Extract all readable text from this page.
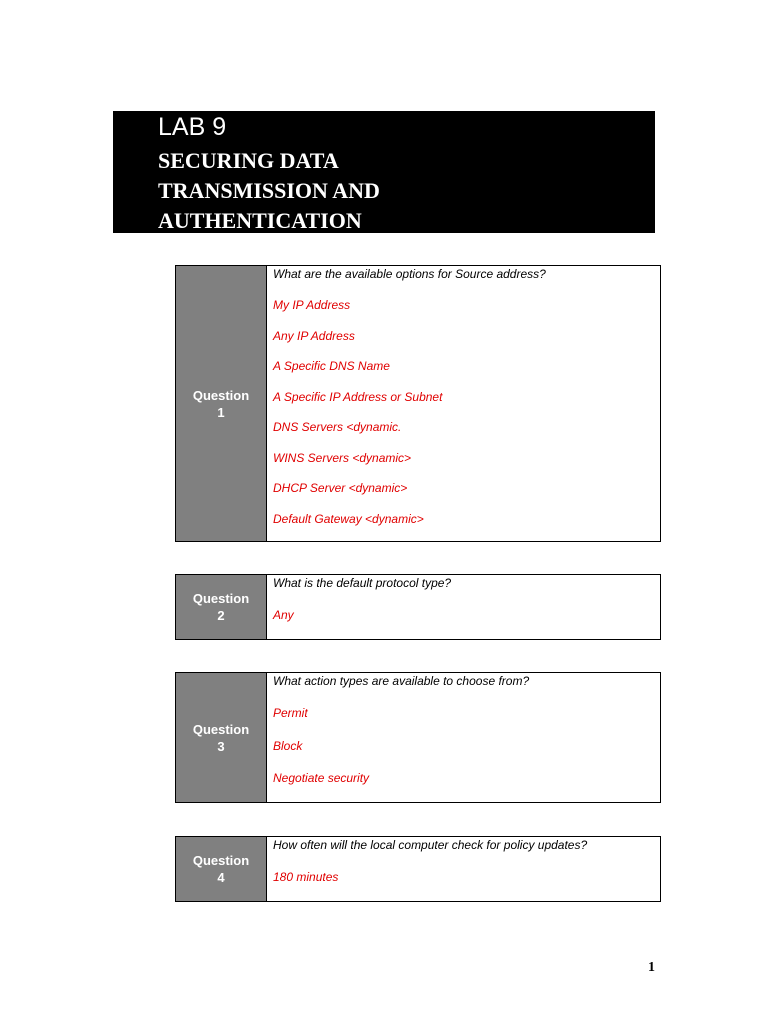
LAB 9
SECURING DATA
TRANSMISSION AND
AUTHENTICATION
Question
1
What are the available options for Source address?
My IP Address
Any IP Address
A Specific DNS Name
A Specific IP Address or Subnet
DNS Servers <dynamic.
WINS Servers <dynamic>
DHCP Server <dynamic>
Default Gateway <dynamic>
Question
2
What is the default protocol type?
Any
Question
3
What action types are available to choose from?
Permit
Block
Negotiate security
Question
4
How often will the local computer check for policy updates?
180 minutes
1
